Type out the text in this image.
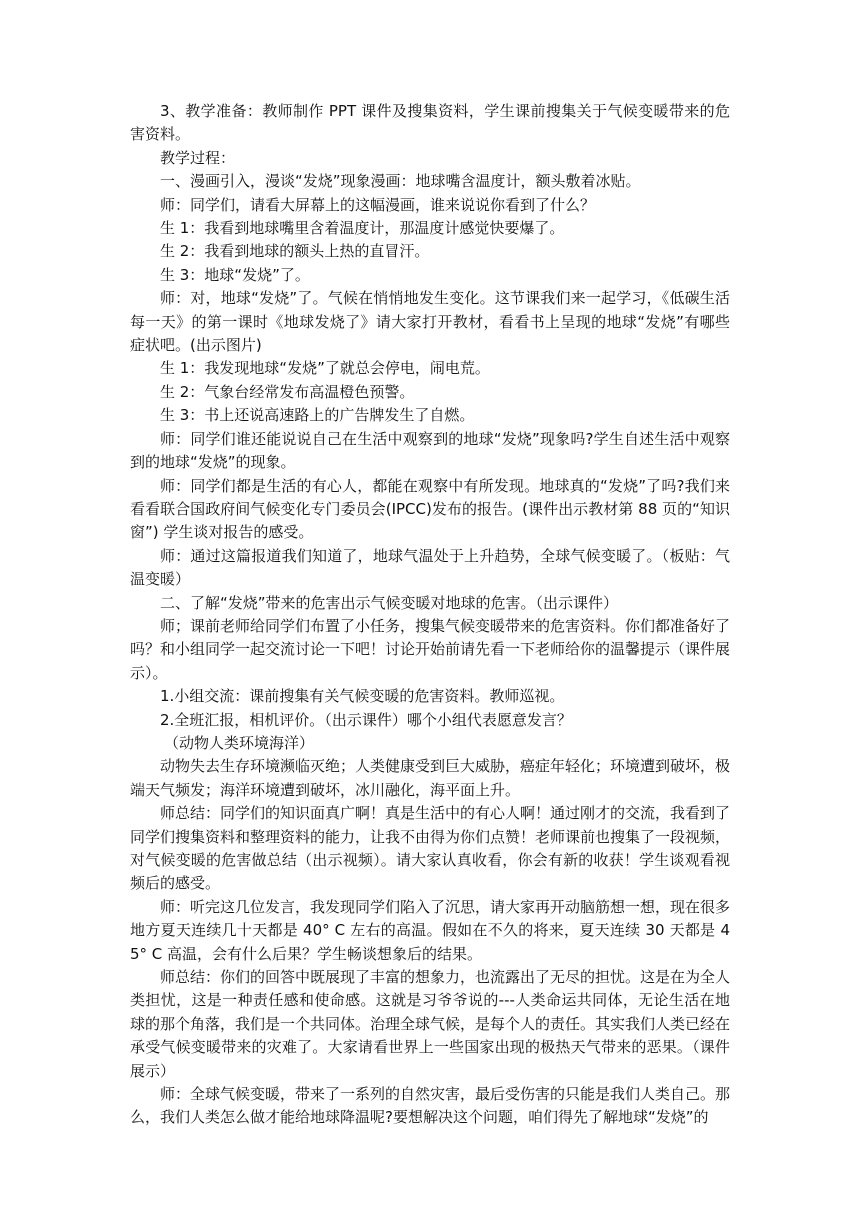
3、教学准备：教师制作 PPT 课件及搜集资料，学生课前搜集关于气候变暖带来的危害资料。

教学过程：

一、漫画引入，漫谈“发烧”现象漫画：地球嘴含温度计，额头敷着冰贴。

师：同学们，请看大屏幕上的这幅漫画，谁来说说你看到了什么？

生 1：我看到地球嘴里含着温度计，那温度计感觉快要爆了。

生 2：我看到地球的额头上热的直冒汗。

生 3：地球“发烧”了。

师：对，地球“发烧”了。气候在悄悄地发生变化。这节课我们来一起学习，《低碳生活每一天》的第一课时《地球发烧了》请大家打开教材，看看书上呈现的地球“发烧”有哪些症状吧。(出示图片)

生 1：我发现地球“发烧”了就总会停电，闹电荒。

生 2：气象台经常发布高温橙色预警。

生 3：书上还说高速路上的广告牌发生了自燃。

师：同学们谁还能说说自己在生活中观察到的地球“发烧”现象吗?学生自述生活中观察到的地球“发烧”的现象。

师：同学们都是生活的有心人，都能在观察中有所发现。地球真的“发烧”了吗?我们来看看联合国政府间气候变化专门委员会(IPCC)发布的报告。(课件出示教材第 88 页的“知识窗”) 学生谈对报告的感受。

师：通过这篇报道我们知道了，地球气温处于上升趋势，全球气候变暖了。（板贴：气温变暖）

二、了解“发烧”带来的危害出示气候变暖对地球的危害。（出示课件）

师；课前老师给同学们布置了小任务，搜集气候变暖带来的危害资料。你们都准备好了吗？和小组同学一起交流讨论一下吧！讨论开始前请先看一下老师给你的温馨提示（课件展示）。

1.小组交流：课前搜集有关气候变暖的危害资料。教师巡视。

2.全班汇报，相机评价。（出示课件）哪个小组代表愿意发言？

（动物人类环境海洋）

动物失去生存环境濒临灭绝；人类健康受到巨大威胁，癌症年轻化；环境遭到破坏，极端天气频发；海洋环境遭到破坏，冰川融化，海平面上升。

师总结：同学们的知识面真广啊！真是生活中的有心人啊！通过刚才的交流，我看到了同学们搜集资料和整理资料的能力，让我不由得为你们点赞！老师课前也搜集了一段视频，对气候变暖的危害做总结（出示视频）。请大家认真收看，你会有新的收获！学生谈观看视频后的感受。

师：听完这几位发言，我发现同学们陷入了沉思，请大家再开动脑筋想一想，现在很多地方夏天连续几十天都是 40° C 左右的高温。假如在不久的将来，夏天连续 30 天都是 45° C 高温，会有什么后果？学生畅谈想象后的结果。

师总结：你们的回答中既展现了丰富的想象力，也流露出了无尽的担忧。这是在为全人类担忧，这是一种责任感和使命感。这就是习爷爷说的---人类命运共同体，无论生活在地球的那个角落，我们是一个共同体。治理全球气候，是每个人的责任。其实我们人类已经在承受气候变暖带来的灾难了。大家请看世界上一些国家出现的极热天气带来的恶果。（课件展示）

师：全球气候变暖，带来了一系列的自然灾害，最后受伤害的只能是我们人类自己。那么，我们人类怎么做才能给地球降温呢?要想解决这个问题，咱们得先了解地球“发烧”的
